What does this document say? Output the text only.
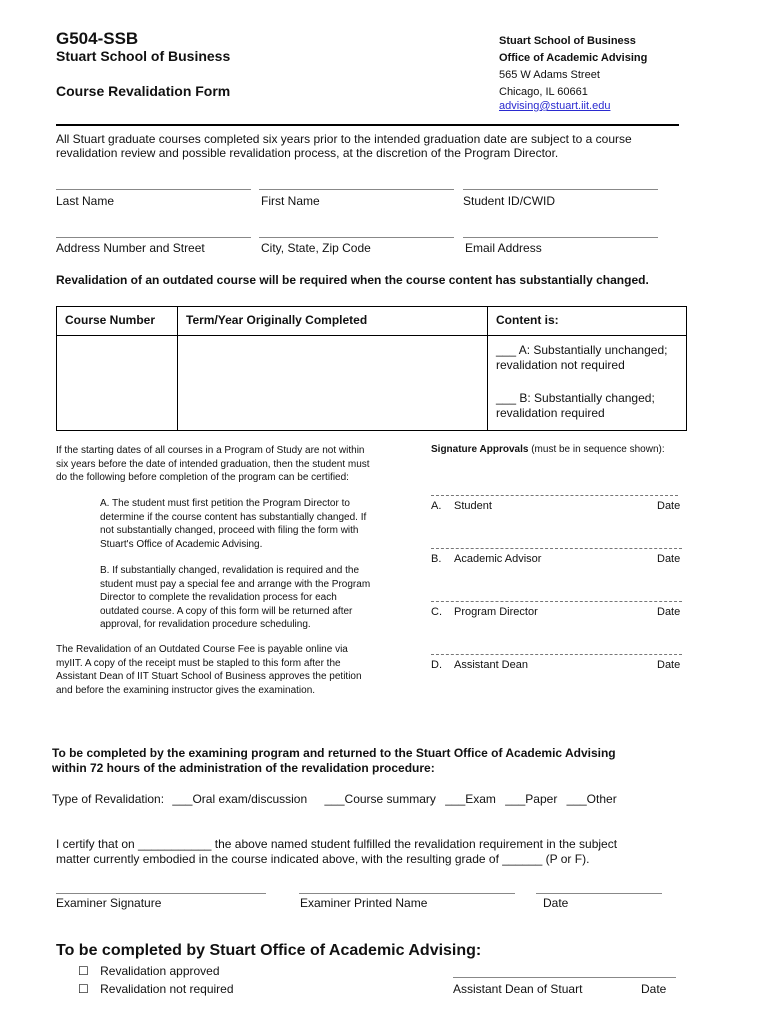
G504-SSB
Stuart School of Business
Course Revalidation Form
Stuart School of Business
Office of Academic Advising
565 W Adams Street
Chicago, IL 60661
advising@stuart.iit.edu
All Stuart graduate courses completed six years prior to the intended graduation date are subject to a course
revalidation review and possible revalidation process, at the discretion of the Program Director.
Last Name	First Name	Student ID/CWID
Address Number and Street	City, State, Zip Code	Email Address
Revalidation of an outdated course will be required when the course content has substantially changed.
Course Number	Term/Year Originally Completed	Content is:

		___ A: Substantially unchanged;
revalidation not required
___ B: Substantially changed;
revalidation required
If the starting dates of all courses in a Program of Study are not within
six years before the date of intended graduation, then the student must
do the following before completion of the program can be certified:
A. The student must first petition the Program Director to
determine if the course content has substantially changed. If
not substantially changed, proceed with filing the form with
Stuart's Office of Academic Advising.
B. If substantially changed, revalidation is required and the
student must pay a special fee and arrange with the Program
Director to complete the revalidation process for each
outdated course. A copy of this form will be returned after
approval, for revalidation procedure scheduling.
The Revalidation of an Outdated Course Fee is payable online via
myIIT. A copy of the receipt must be stapled to this form after the
Assistant Dean of IIT Stuart School of Business approves the petition
and before the examining instructor gives the examination.
Signature Approvals (must be in sequence shown):
A. Student	Date
B. Academic Advisor	Date
C. Program Director	Date
D. Assistant Dean	Date
To be completed by the examining program and returned to the Stuart Office of Academic Advising
within 72 hours of the administration of the revalidation procedure:
Type of Revalidation: ___Oral exam/discussion ___Course summary ___Exam ___Paper ___Other
I certify that on ___________ the above named student fulfilled the revalidation requirement in the subject
matter currently embodied in the course indicated above, with the resulting grade of ______ (P or F).
Examiner Signature	Examiner Printed Name	Date
To be completed by Stuart Office of Academic Advising:
☐ Revalidation approved
☐ Revalidation not required	Assistant Dean of Stuart	Date
